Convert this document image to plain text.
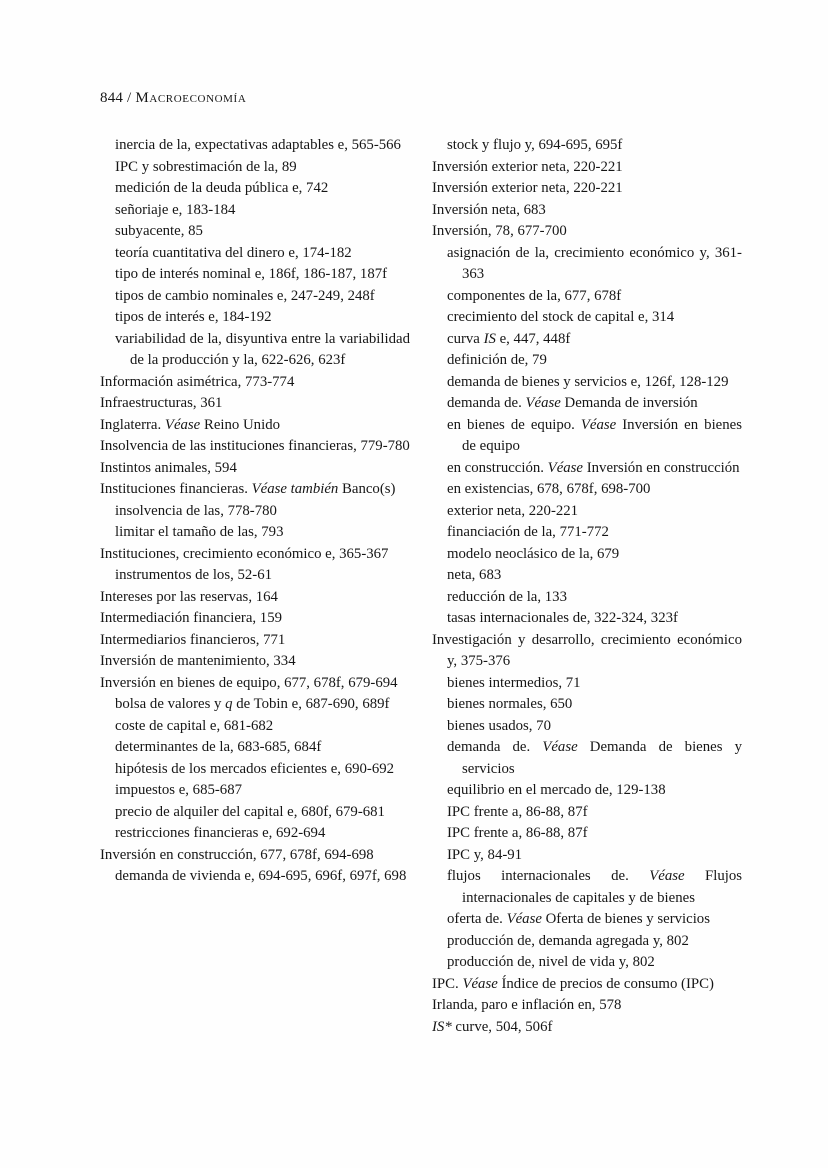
844 / Macroeconomía
inercia de la, expectativas adaptables e, 565-566
IPC y sobrestimación de la, 89
medición de la deuda pública e, 742
señoriaje e, 183-184
subyacente, 85
teoría cuantitativa del dinero e, 174-182
tipo de interés nominal e, 186f, 186-187, 187f
tipos de cambio nominales e, 247-249, 248f
tipos de interés e, 184-192
variabilidad de la, disyuntiva entre la variabilidad de la producción y la, 622-626, 623f
Información asimétrica, 773-774
Infraestructuras, 361
Inglaterra. Véase Reino Unido
Insolvencia de las instituciones financieras, 779-780
Instintos animales, 594
Instituciones financieras. Véase también Banco(s)
insolvencia de las, 778-780
limitar el tamaño de las, 793
Instituciones, crecimiento económico e, 365-367
instrumentos de los, 52-61
Intereses por las reservas, 164
Intermediación financiera, 159
Intermediarios financieros, 771
Inversión de mantenimiento, 334
Inversión en bienes de equipo, 677, 678f, 679-694
bolsa de valores y q de Tobin e, 687-690, 689f
coste de capital e, 681-682
determinantes de la, 683-685, 684f
hipótesis de los mercados eficientes e, 690-692
impuestos e, 685-687
precio de alquiler del capital e, 680f, 679-681
restricciones financieras e, 692-694
Inversión en construcción, 677, 678f, 694-698
demanda de vivienda e, 694-695, 696f, 697f, 698
stock y flujo y, 694-695, 695f
Inversión exterior neta, 220-221
Inversión exterior neta, 220-221
Inversión neta, 683
Inversión, 78, 677-700
asignación de la, crecimiento económico y, 361-363
componentes de la, 677, 678f
crecimiento del stock de capital e, 314
curva IS e, 447, 448f
definición de, 79
demanda de bienes y servicios e, 126f, 128-129
demanda de. Véase Demanda de inversión
en bienes de equipo. Véase Inversión en bienes de equipo
en construcción. Véase Inversión en construcción
en existencias, 678, 678f, 698-700
exterior neta, 220-221
financiación de la, 771-772
modelo neoclásico de la, 679
neta, 683
reducción de la, 133
tasas internacionales de, 322-324, 323f
Investigación y desarrollo, crecimiento económico y, 375-376
bienes intermedios, 71
bienes normales, 650
bienes usados, 70
demanda de. Véase Demanda de bienes y servicios
equilibrio en el mercado de, 129-138
IPC frente a, 86-88, 87f
IPC frente a, 86-88, 87f
IPC y, 84-91
flujos internacionales de. Véase Flujos internacionales de capitales y de bienes
oferta de. Véase Oferta de bienes y servicios
producción de, demanda agregada y, 802
producción de, nivel de vida y, 802
IPC. Véase Índice de precios de consumo (IPC)
Irlanda, paro e inflación en, 578
IS* curve, 504, 506f
